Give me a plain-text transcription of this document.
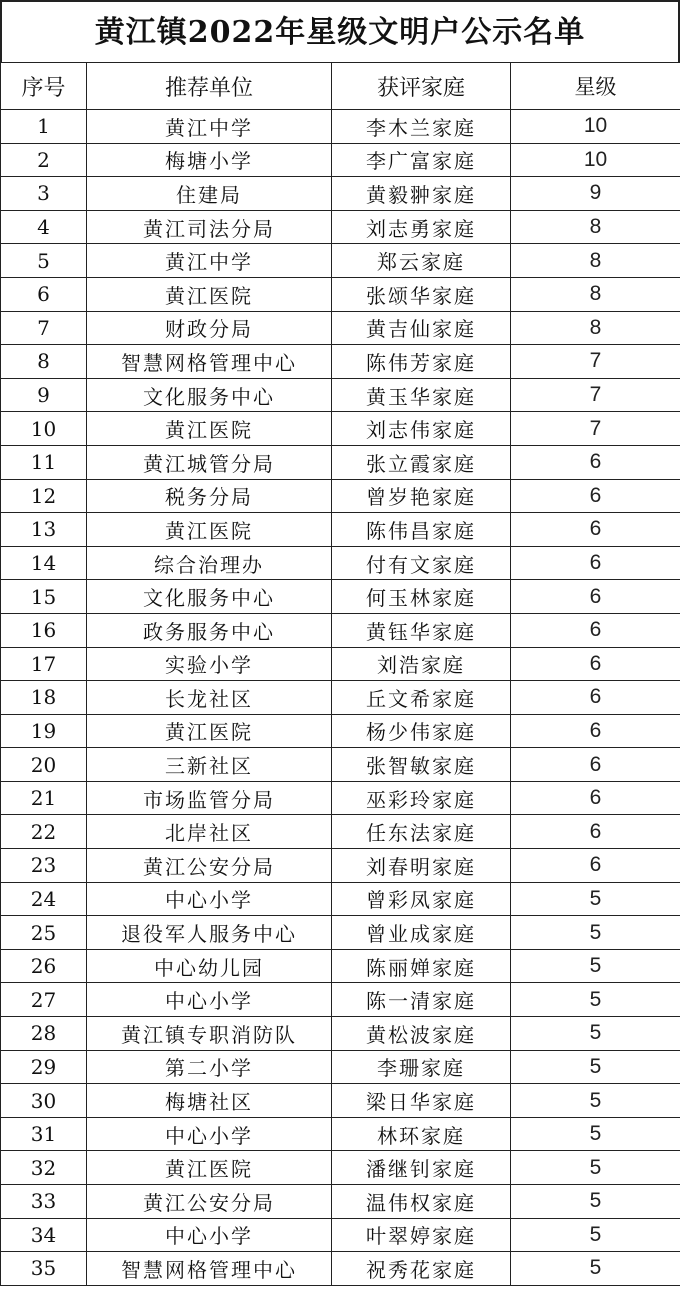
黄江镇2022年星级文明户公示名单
序号	推荐单位	获评家庭	星级
1	黄江中学	李木兰家庭	10
2	梅塘小学	李广富家庭	10
3	住建局	黄毅翀家庭	9
4	黄江司法分局	刘志勇家庭	8
5	黄江中学	郑云家庭	8
6	黄江医院	张颂华家庭	8
7	财政分局	黄吉仙家庭	8
8	智慧网格管理中心	陈伟芳家庭	7
9	文化服务中心	黄玉华家庭	7
10	黄江医院	刘志伟家庭	7
11	黄江城管分局	张立霞家庭	6
12	税务分局	曾岁艳家庭	6
13	黄江医院	陈伟昌家庭	6
14	综合治理办	付有文家庭	6
15	文化服务中心	何玉林家庭	6
16	政务服务中心	黄钰华家庭	6
17	实验小学	刘浩家庭	6
18	长龙社区	丘文希家庭	6
19	黄江医院	杨少伟家庭	6
20	三新社区	张智敏家庭	6
21	市场监管分局	巫彩玲家庭	6
22	北岸社区	任东法家庭	6
23	黄江公安分局	刘春明家庭	6
24	中心小学	曾彩凤家庭	5
25	退役军人服务中心	曾业成家庭	5
26	中心幼儿园	陈丽婵家庭	5
27	中心小学	陈一清家庭	5
28	黄江镇专职消防队	黄松波家庭	5
29	第二小学	李珊家庭	5
30	梅塘社区	梁日华家庭	5
31	中心小学	林环家庭	5
32	黄江医院	潘继钊家庭	5
33	黄江公安分局	温伟权家庭	5
34	中心小学	叶翠婷家庭	5
35	智慧网格管理中心	祝秀花家庭	5
